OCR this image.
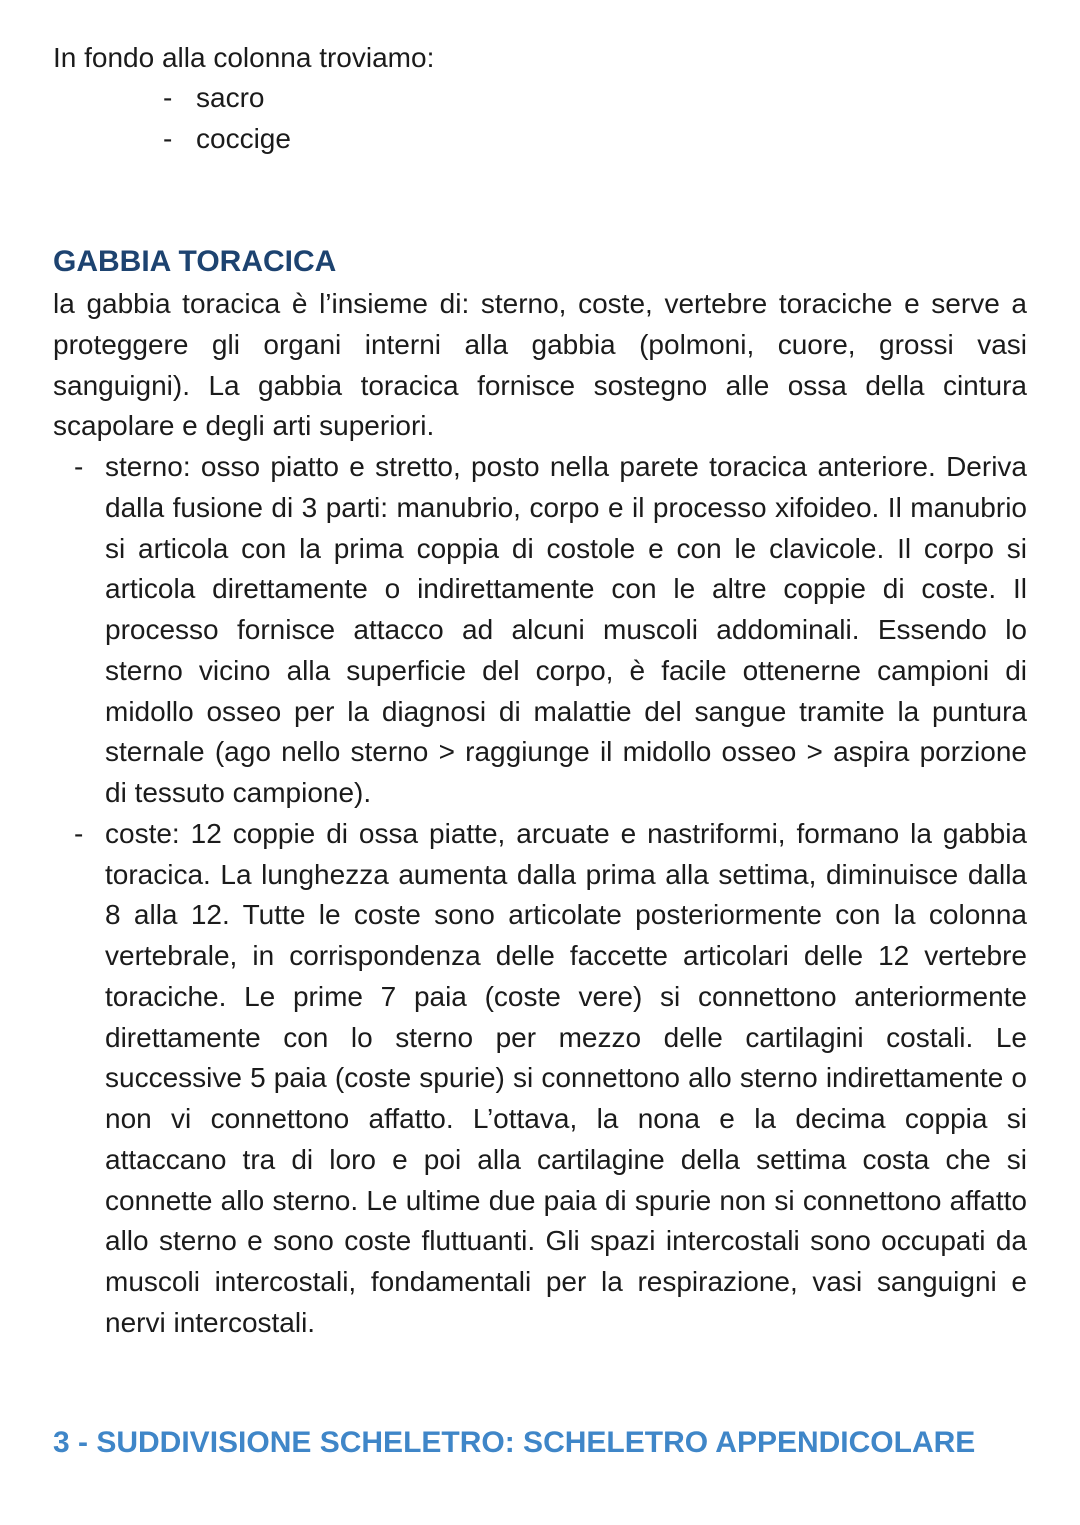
In fondo alla colonna troviamo:

- sacro
- coccige
GABBIA TORACICA

la gabbia toracica è l’insieme di: sterno, coste, vertebre toraciche e serve a proteggere gli organi interni alla gabbia (polmoni, cuore, grossi vasi sanguigni). La gabbia toracica fornisce sostegno alle ossa della cintura scapolare e degli arti superiori.

- sterno: osso piatto e stretto, posto nella parete toracica anteriore. Deriva dalla fusione di 3 parti: manubrio, corpo e il processo xifoideo. Il manubrio si articola con la prima coppia di costole e con le clavicole. Il corpo si articola direttamente o indirettamente con le altre coppie di coste. Il processo fornisce attacco ad alcuni muscoli addominali. Essendo lo sterno vicino alla superficie del corpo, è facile ottenerne campioni di midollo osseo per la diagnosi di malattie del sangue tramite la puntura sternale (ago nello sterno > raggiunge il midollo osseo > aspira porzione di tessuto campione).
- coste: 12 coppie di ossa piatte, arcuate e nastriformi, formano la gabbia toracica. La lunghezza aumenta dalla prima alla settima, diminuisce dalla 8 alla 12. Tutte le coste sono articolate posteriormente con la colonna vertebrale, in corrispondenza delle faccette articolari delle 12 vertebre toraciche. Le prime 7 paia (coste vere) si connettono anteriormente direttamente con lo sterno per mezzo delle cartilagini costali. Le successive 5 paia (coste spurie) si connettono allo sterno indirettamente o non vi connettono affatto. L’ottava, la nona e la decima coppia si attaccano tra di loro e poi alla cartilagine della settima costa che si connette allo sterno. Le ultime due paia di spurie non si connettono affatto allo sterno e sono coste fluttuanti. Gli spazi intercostali sono occupati da muscoli intercostali, fondamentali per la respirazione, vasi sanguigni e nervi intercostali.
3 - SUDDIVISIONE SCHELETRO: SCHELETRO APPENDICOLARE
